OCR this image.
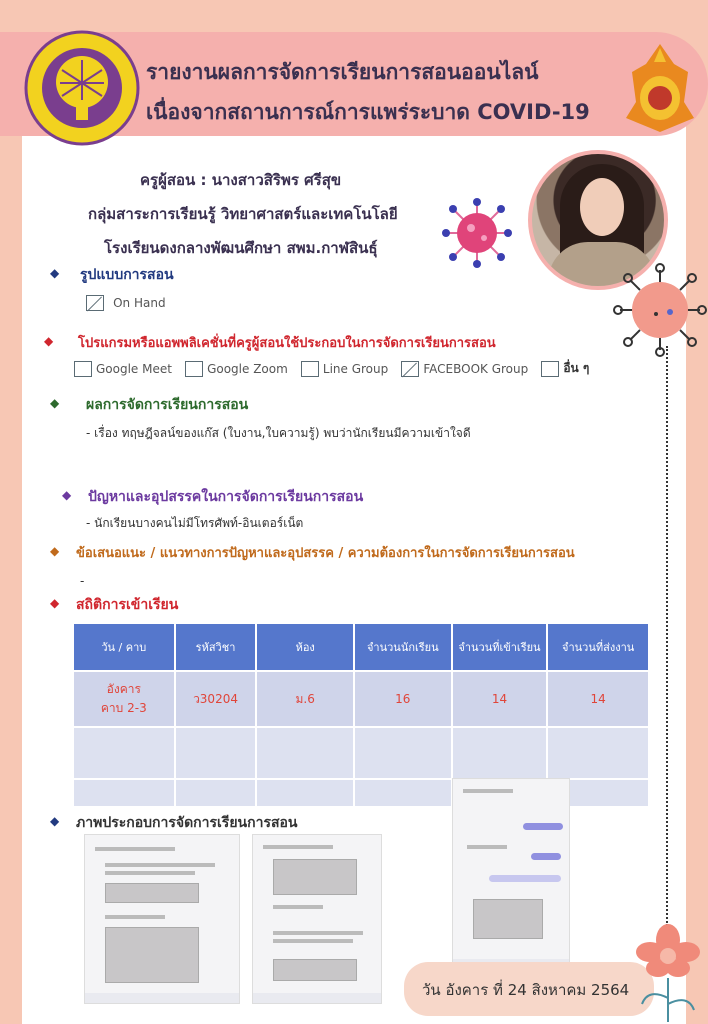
รายงานผลการจัดการเรียนการสอนออนไลน์
เนื่องจากสถานการณ์การแพร่ระบาด COVID-19
ครูผู้สอน : นางสาวสิริพร ศรีสุข
กลุ่มสาระการเรียนรู้ วิทยาศาสตร์และเทคโนโลยี
โรงเรียนดงกลางพัฒนศึกษา สพม.กาฬสินธุ์
◆ รูปแบบการสอน
On Hand
◆ โปรแกรมหรือแอพพลิเคชั่นที่ครูผู้สอนใช้ประกอบในการจัดการเรียนการสอน
Google Meet	Google Zoom	Line Group	FACEBOOK Group	อื่น ๆ
◆ ผลการจัดการเรียนการสอน
- เรื่อง ทฤษฎีจลน์ของแก๊ส (ใบงาน,ใบความรู้) พบว่านักเรียนมีความเข้าใจดี
◆ ปัญหาและอุปสรรคในการจัดการเรียนการสอน
- นักเรียนบางคนไม่มีโทรศัพท์-อินเตอร์เน็ต
◆ ข้อเสนอแนะ / แนวทางการปัญหาและอุปสรรค / ความต้องการในการจัดการเรียนการสอน
-
◆ สถิติการเข้าเรียน
วัน / คาบ	รหัสวิชา	ห้อง	จำนวนนักเรียน	จำนวนที่เข้าเรียน	จำนวนที่ส่งงาน

อังคาร
คาบ 2-3	ว30204	ม.6	16	14	14

◆ ภาพประกอบการจัดการเรียนการสอน
วัน อังคาร ที่ 24 สิงหาคม 2564
